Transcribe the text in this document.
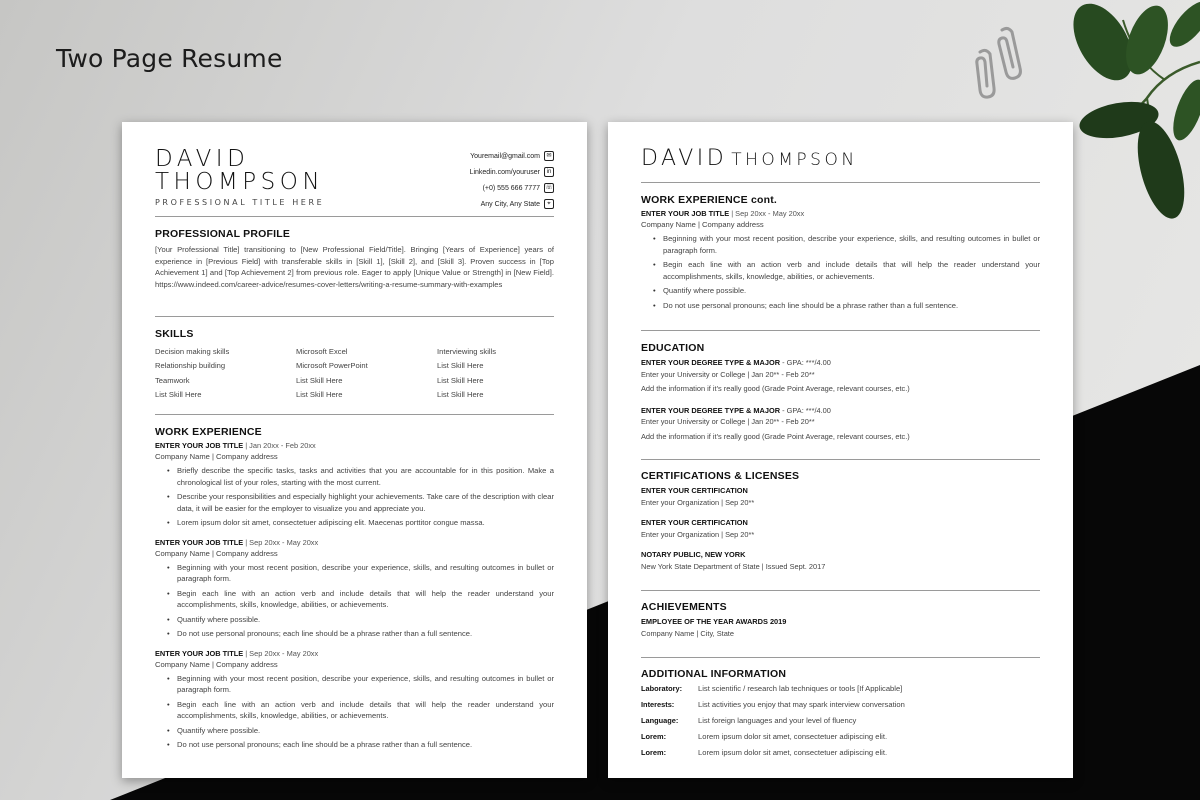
Two Page Resume
DAVID
THOMPSON
PROFESSIONAL TITLE HERE
Youremail@gmail.com	✉
Linkedin.com/youruser	in
(+0) 555 666 7777 ☏
Any City, Any State	⌖
PROFESSIONAL PROFILE
[Your Professional Title] transitioning to [New Professional Field/Title]. Bringing [Years of Experience] years of experience in [Previous Field] with transferable skills in [Skill 1], [Skill 2], and [Skill 3]. Proven success in [Top Achievement 1] and [Top Achievement 2] from previous role. Eager to apply [Unique Value or Strength] in [New Field]. https://www.indeed.com/career-advice/resumes-cover-letters/writing-a-resume-summary-with-examples
SKILLS
Decision making skills	Microsoft Excel	Interviewing skills
Relationship building	Microsoft PowerPoint	List Skill Here
Teamwork	List Skill Here	List Skill Here
List Skill Here	List Skill Here	List Skill Here
WORK EXPERIENCE
ENTER YOUR JOB TITLE | Jan 20xx - Feb 20xx
Company Name | Company address
• Briefly describe the specific tasks, tasks and activities that you are accountable for in this position. Make a chronological list of your roles, starting with the most current.
• Describe your responsibilities and especially highlight your achievements. Take care of the description with clear data, it will be easier for the employer to visualize you and appreciate you.
• Lorem ipsum dolor sit amet, consectetuer adipiscing elit. Maecenas porttitor congue massa.
ENTER YOUR JOB TITLE | Sep 20xx - May 20xx
Company Name | Company address
• Beginning with your most recent position, describe your experience, skills, and resulting outcomes in bullet or paragraph form.
• Begin each line with an action verb and include details that will help the reader understand your accomplishments, skills, knowledge, abilities, or achievements.
• Quantify where possible.
• Do not use personal pronouns; each line should be a phrase rather than a full sentence.
ENTER YOUR JOB TITLE | Sep 20xx - May 20xx
Company Name | Company address
• Beginning with your most recent position, describe your experience, skills, and resulting outcomes in bullet or paragraph form.
• Begin each line with an action verb and include details that will help the reader understand your accomplishments, skills, knowledge, abilities, or achievements.
• Quantify where possible.
• Do not use personal pronouns; each line should be a phrase rather than a full sentence.
DAVID THOMPSON
WORK EXPERIENCE cont.
ENTER YOUR JOB TITLE | Sep 20xx - May 20xx
Company Name | Company address
• Beginning with your most recent position, describe your experience, skills, and resulting outcomes in bullet or paragraph form.
• Begin each line with an action verb and include details that will help the reader understand your accomplishments, skills, knowledge, abilities, or achievements.
• Quantify where possible.
• Do not use personal pronouns; each line should be a phrase rather than a full sentence.
EDUCATION
ENTER YOUR DEGREE TYPE & MAJOR - GPA: ***/4.00
Enter your University or College | Jan 20** - Feb 20**
Add the information if it's really good (Grade Point Average, relevant courses, etc.)
ENTER YOUR DEGREE TYPE & MAJOR - GPA: ***/4.00
Enter your University or College | Jan 20** - Feb 20**
Add the information if it's really good (Grade Point Average, relevant courses, etc.)
CERTIFICATIONS & LICENSES
ENTER YOUR CERTIFICATION
Enter your Organization | Sep 20**
ENTER YOUR CERTIFICATION
Enter your Organization | Sep 20**
NOTARY PUBLIC, NEW YORK
New York State Department of State | Issued Sept. 2017
ACHIEVEMENTS
EMPLOYEE OF THE YEAR AWARDS 2019
Company Name | City, State
ADDITIONAL INFORMATION
Laboratory:	List scientific / research lab techniques or tools [If Applicable]
Interests:	List activities you enjoy that may spark interview conversation
Language:	List foreign languages and your level of fluency
Lorem:	Lorem ipsum dolor sit amet, consectetuer adipiscing elit.
Lorem:	Lorem ipsum dolor sit amet, consectetuer adipiscing elit.
